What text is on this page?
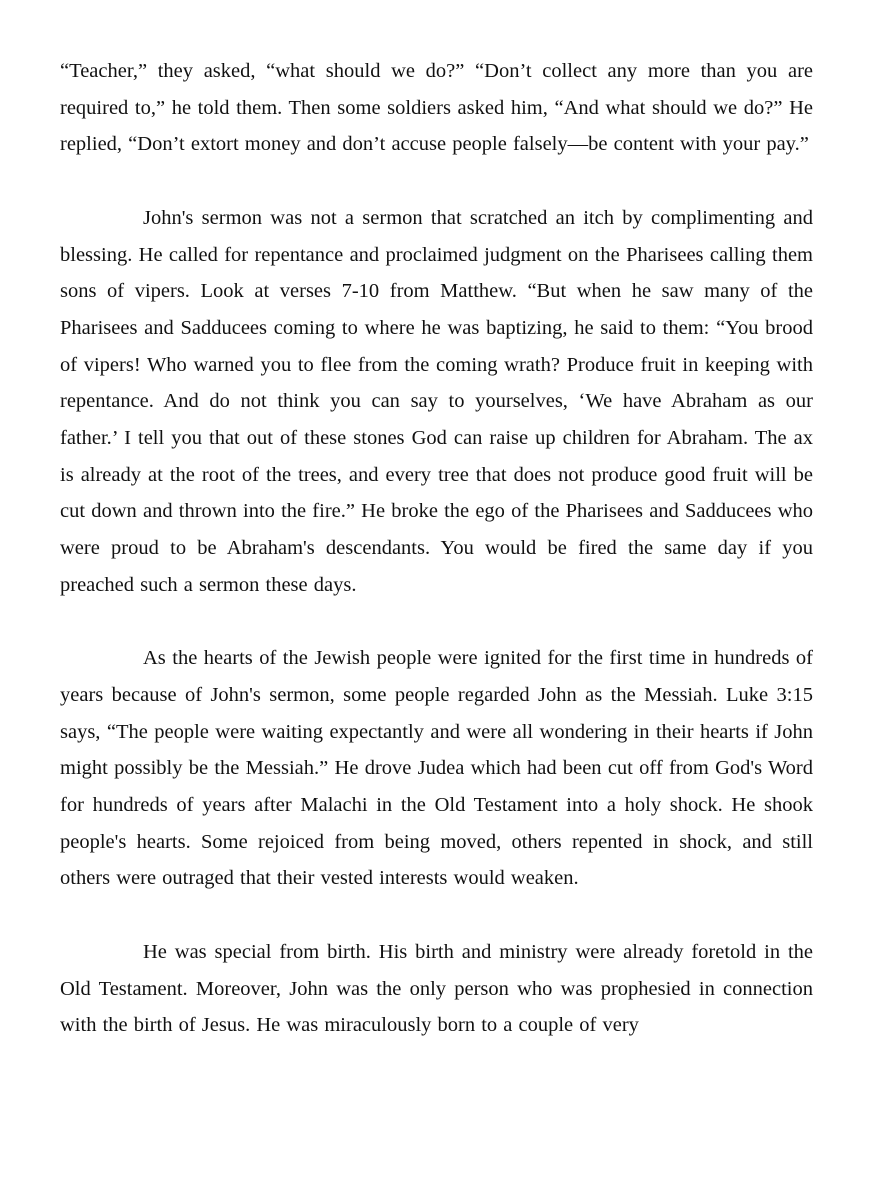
“Teacher,” they asked, “what should we do?” “Don’t collect any more than you are required to,” he told them. Then some soldiers asked him, “And what should we do?” He replied, “Don’t extort money and don’t accuse people falsely—be content with your pay.”

John's sermon was not a sermon that scratched an itch by complimenting and blessing. He called for repentance and proclaimed judgment on the Pharisees calling them sons of vipers. Look at verses 7-10 from Matthew. “But when he saw many of the Pharisees and Sadducees coming to where he was baptizing, he said to them: “You brood of vipers! Who warned you to flee from the coming wrath? Produce fruit in keeping with repentance. And do not think you can say to yourselves, ‘We have Abraham as our father.’ I tell you that out of these stones God can raise up children for Abraham. The ax is already at the root of the trees, and every tree that does not produce good fruit will be cut down and thrown into the fire.” He broke the ego of the Pharisees and Sadducees who were proud to be Abraham's descendants. You would be fired the same day if you preached such a sermon these days.

As the hearts of the Jewish people were ignited for the first time in hundreds of years because of John's sermon, some people regarded John as the Messiah. Luke 3:15 says, “The people were waiting expectantly and were all wondering in their hearts if John might possibly be the Messiah.” He drove Judea which had been cut off from God's Word for hundreds of years after Malachi in the Old Testament into a holy shock. He shook people's hearts. Some rejoiced from being moved, others repented in shock, and still others were outraged that their vested interests would weaken.

He was special from birth. His birth and ministry were already foretold in the Old Testament. Moreover, John was the only person who was prophesied in connection with the birth of Jesus. He was miraculously born to a couple of very
